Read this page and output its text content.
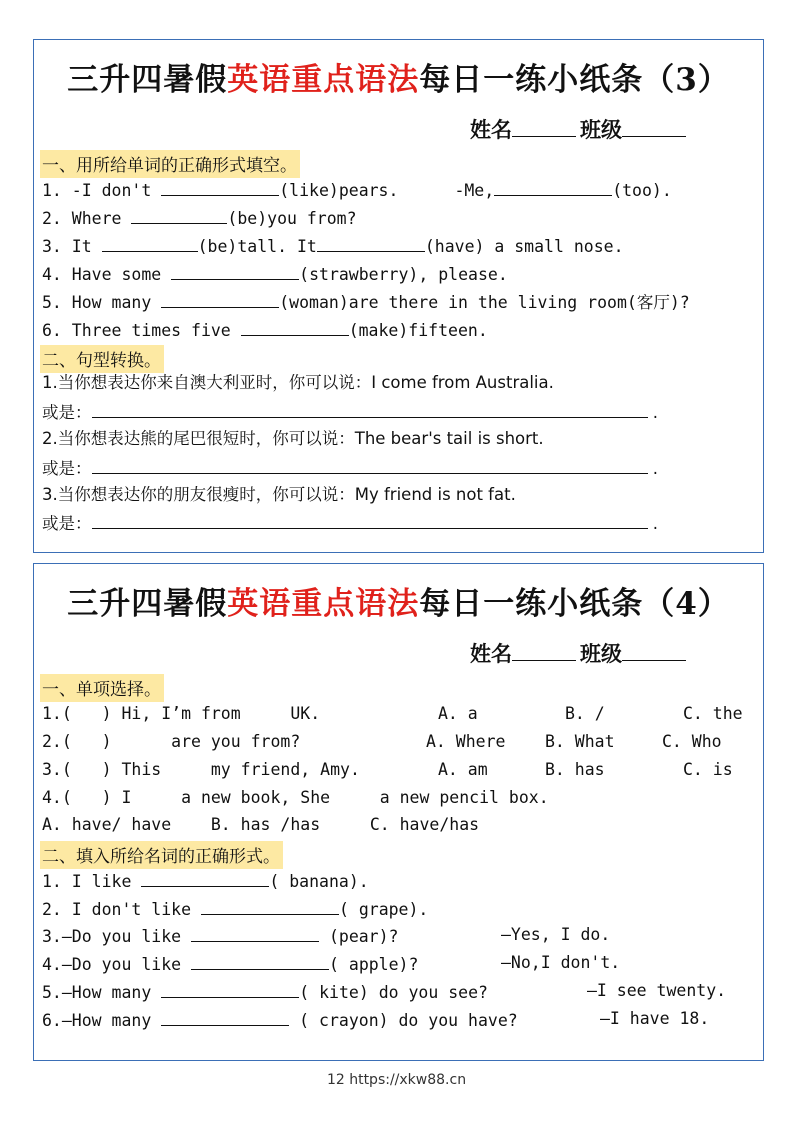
三升四暑假英语重点语法每日一练小纸条（3）
姓名	班级
一、用所给单词的正确形式填空。
1. -I don't	(like)pears.	-Me,	(too).
2. Where	(be)you from?
3. It	(be)tall. It	(have) a small nose.
4. Have some	(strawberry), please.
5. How many	(woman)are there in the living room(客厅)?
6. Three times five	(make)fifteen.
二、句型转换。
1.当你想表达你来自澳大利亚时，你可以说：I come from Australia.
或是：	.
2.当你想表达熊的尾巴很短时，你可以说：The bear's tail is short.
或是：	.
3.当你想表达你的朋友很瘦时，你可以说：My friend is not fat.
或是：	.
三升四暑假英语重点语法每日一练小纸条（4）
姓名	班级
一、单项选择。
1.(   ) Hi, I’m from     UK.	A. a	B. /	C. the
2.(   )      are you from?	A. Where B. What	C. Who
3.(   ) This     my friend, Amy.	A. am	B. has	C. is
4.(   ) I     a new book, She     a new pencil box.
A. have/ have    B. has /has     C. have/has
二、填入所给名词的正确形式。
1. I like	( banana).
2. I don't like	( grape).
3.—Do you like	(pear)?	—Yes, I do.
4.—Do you like	( apple)?	—No,I don't.
5.—How many	( kite) do you see?	—I see twenty.
6.—How many	( crayon) do you have?	—I have 18.
12 https://xkw88.cn
